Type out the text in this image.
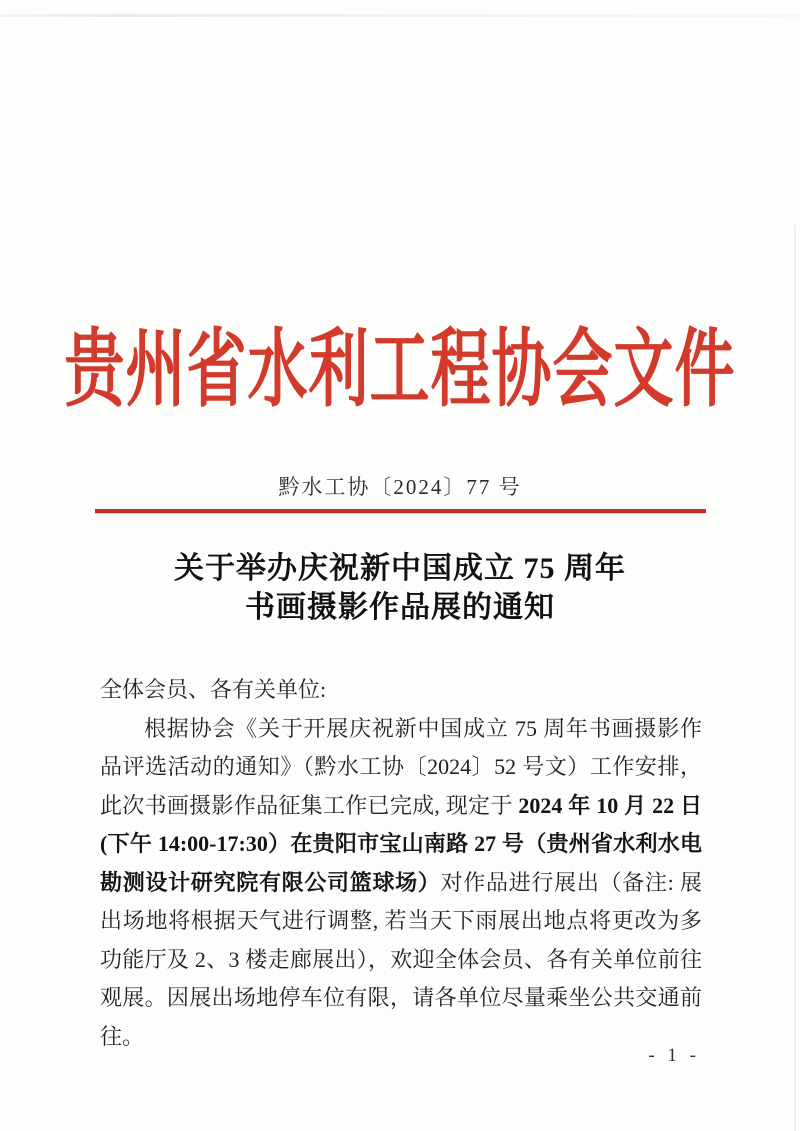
贵州省水利工程协会文件
黔水工协〔2024〕77 号
关于举办庆祝新中国成立 75 周年
书画摄影作品展的通知

全体会员、各有关单位:

根据协会《关于开展庆祝新中国成立 75 周年书画摄影作品评选活动的通知》（黔水工协〔2024〕52 号文）工作安排，此次书画摄影作品征集工作已完成, 现定于 2024 年 10 月 22 日(下午 14:00-17:30）在贵阳市宝山南路 27 号（贵州省水利水电勘测设计研究院有限公司篮球场）对作品进行展出（备注: 展出场地将根据天气进行调整, 若当天下雨展出地点将更改为多功能厅及 2、3 楼走廊展出），欢迎全体会员、各有关单位前往观展。因展出场地停车位有限，请各单位尽量乘坐公共交通前往。

- 1 -
